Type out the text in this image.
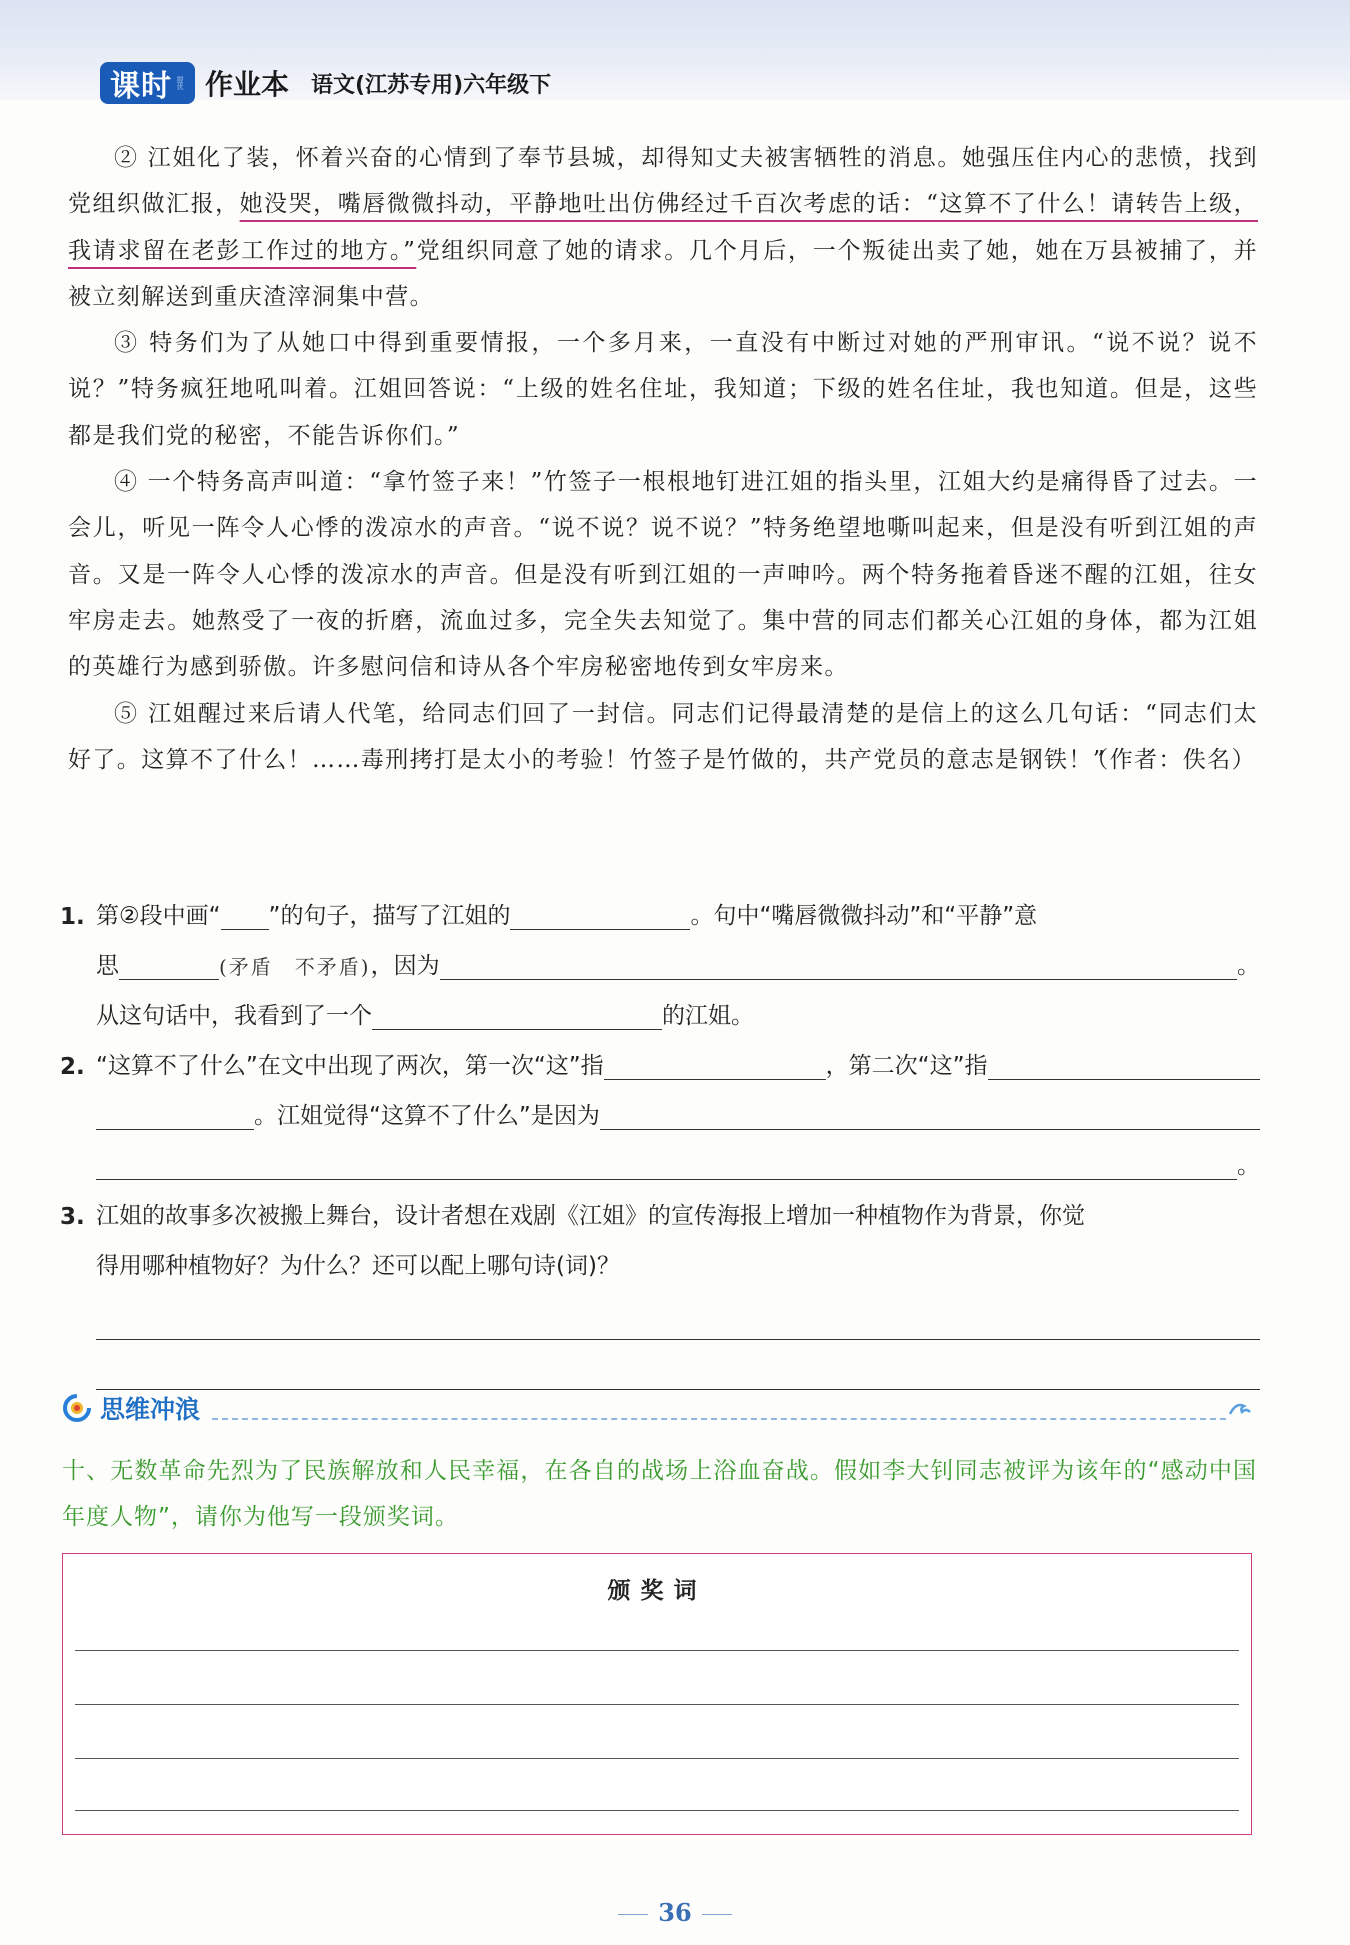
课时 提优 作业本 语文(江苏专用)六年级下

② 江姐化了装，怀着兴奋的心情到了奉节县城，却得知丈夫被害牺牲的消息。她强压住内心的悲愤，找到党组织做汇报，她没哭，嘴唇微微抖动，平静地吐出仿佛经过千百次考虑的话：“这算不了什么！请转告上级，我请求留在老彭工作过的地方。”党组织同意了她的请求。几个月后，一个叛徒出卖了她，她在万县被捕了，并被立刻解送到重庆渣滓洞集中营。

③ 特务们为了从她口中得到重要情报，一个多月来，一直没有中断过对她的严刑审讯。“说不说？说不说？”特务疯狂地吼叫着。江姐回答说：“上级的姓名住址，我知道；下级的姓名住址，我也知道。但是，这些都是我们党的秘密，不能告诉你们。”

④ 一个特务高声叫道：“拿竹签子来！”竹签子一根根地钉进江姐的指头里，江姐大约是痛得昏了过去。一会儿，听见一阵令人心悸的泼凉水的声音。“说不说？说不说？”特务绝望地嘶叫起来，但是没有听到江姐的声音。又是一阵令人心悸的泼凉水的声音。但是没有听到江姐的一声呻吟。两个特务拖着昏迷不醒的江姐，往女牢房走去。她熬受了一夜的折磨，流血过多，完全失去知觉了。集中营的同志们都关心江姐的身体，都为江姐的英雄行为感到骄傲。许多慰问信和诗从各个牢房秘密地传到女牢房来。

⑤ 江姐醒过来后请人代笔，给同志们回了一封信。同志们记得最清楚的是信上的这么几句话：“同志们太好了。这算不了什么！……毒刑拷打是太小的考验！竹签子是竹做的，共产党员的意志是钢铁！”

（作者：佚名）

1. 第②段中画“ ”的句子，描写了江姐的	。句中“嘴唇微微抖动”和“平静”意
思	(矛盾　不矛盾) ，因为	。
从这句话中，我看到了一个	的江姐。
2. “这算不了什么”在文中出现了两次，第一次“这”指	，第二次“这”指
。江姐觉得“这算不了什么”是因为
。
3. 江姐的故事多次被搬上舞台，设计者想在戏剧《江姐》的宣传海报上增加一种植物作为背景，你觉
得用哪种植物好？为什么？还可以配上哪句诗(词)？
思维冲浪
十、无数革命先烈为了民族解放和人民幸福，在各自的战场上浴血奋战。假如李大钊同志被评为该年的“感动中国年度人物”，请你为他写一段颁奖词。
颁奖词
36
